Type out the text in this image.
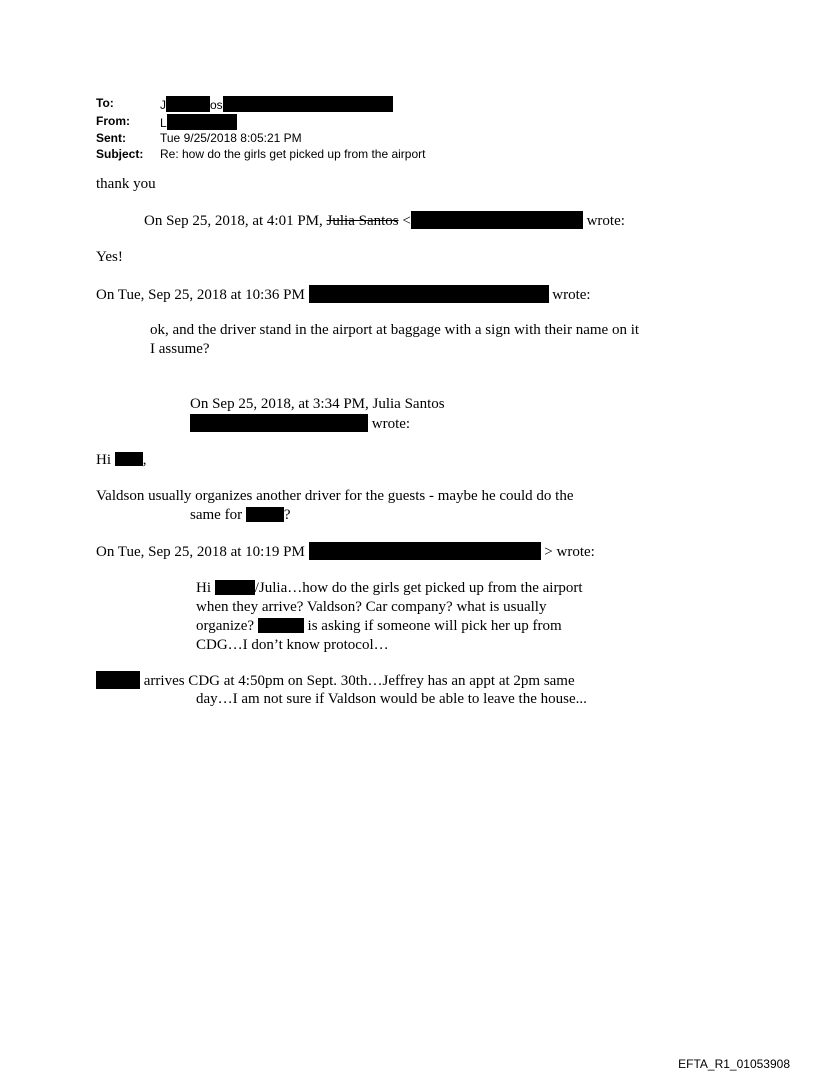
To:	J	os
From:	L
Sent:	Tue 9/25/2018 8:05:21 PM
Subject:	Re: how do the girls get picked up from the airport
thank you
On Sep 25, 2018, at 4:01 PM, Julia Santos <	wrote:
Yes!
On Tue, Sep 25, 2018 at 10:36 PM	wrote:
ok, and the driver stand in the airport at baggage with a sign with their name on it
I assume?
On Sep 25, 2018, at 3:34 PM, Julia Santos
wrote:
Hi ,
Valdson usually organizes another driver for the guests - maybe he could do the
same for	?
On Tue, Sep 25, 2018 at 10:19 PM	> wrote:
Hi	/Julia…how do the girls get picked up from the airport
when they arrive? Valdson? Car company? what is usually
organize?	is asking if someone will pick her up from
CDG…I don’t know protocol…
arrives CDG at 4:50pm on Sept. 30th…Jeffrey has an appt at 2pm same
day…I am not sure if Valdson would be able to leave the house...
EFTA_R1_01053908
